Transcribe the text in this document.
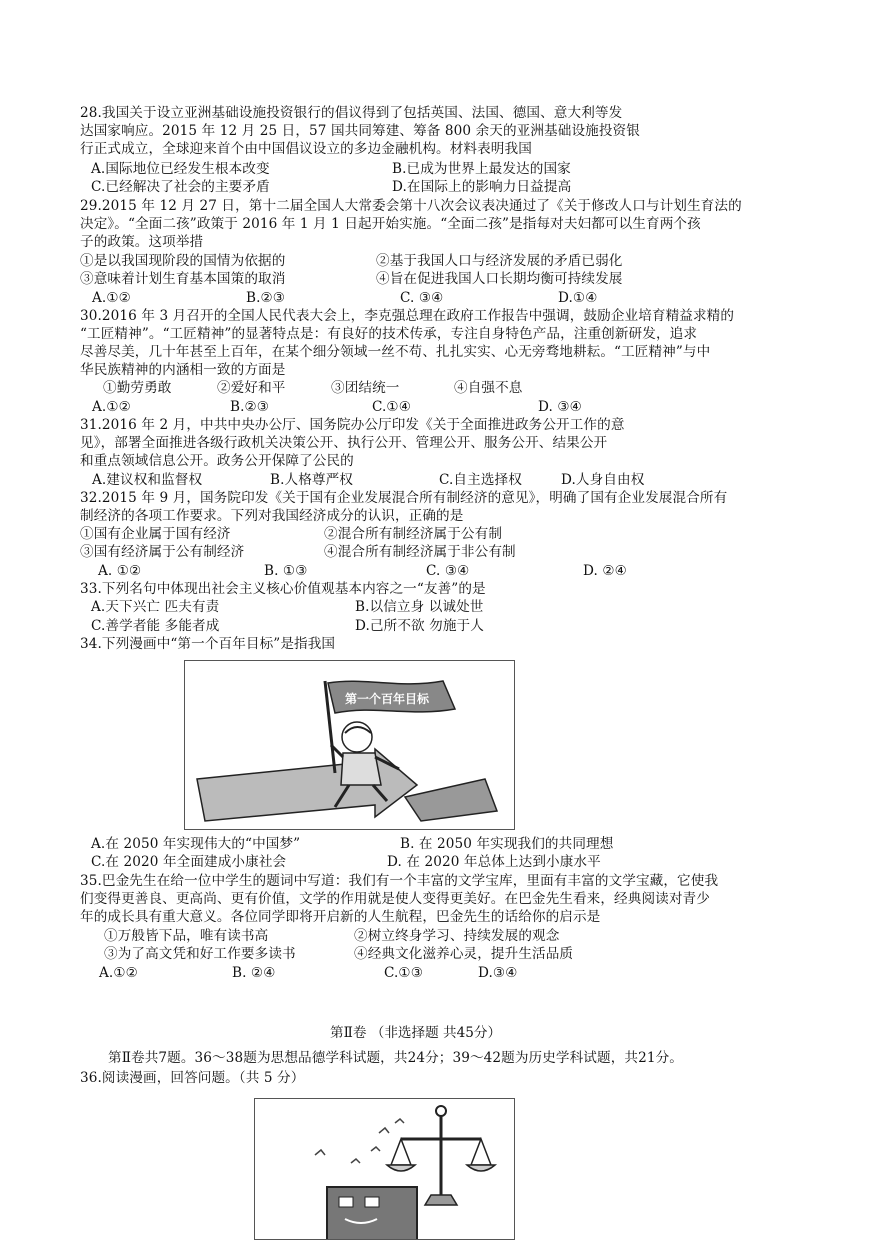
28.我国关于设立亚洲基础设施投资银行的倡议得到了包括英国、法国、德国、意大利等发
达国家响应。2015 年 12 月 25 日，57 国共同筹建、筹备 800 余天的亚洲基础设施投资银
行正式成立，全球迎来首个由中国倡议设立的多边金融机构。材料表明我国
A.国际地位已经发生根本改变	B.已成为世界上最发达的国家
C.已经解决了社会的主要矛盾	D.在国际上的影响力日益提高
29.2015 年 12 月 27 日，第十二届全国人大常委会第十八次会议表决通过了《关于修改人口与计划生育法的
决定》。“全面二孩”政策于 2016 年 1 月 1 日起开始实施。“全面二孩”是指每对夫妇都可以生育两个孩
子的政策。这项举措
①是以我国现阶段的国情为依据的	②基于我国人口与经济发展的矛盾已弱化
③意味着计划生育基本国策的取消	④旨在促进我国人口长期均衡可持续发展
A.①②	B.②③	C. ③④	D.①④
30.2016 年 3 月召开的全国人民代表大会上，李克强总理在政府工作报告中强调，鼓励企业培育精益求精的
“工匠精神”。“工匠精神”的显著特点是：有良好的技术传承，专注自身特色产品，注重创新研发，追求
尽善尽美，几十年甚至上百年，在某个细分领域一丝不苟、扎扎实实、心无旁骛地耕耘。“工匠精神”与中
华民族精神的内涵相一致的方面是
①勤劳勇敢	②爱好和平	③团结统一	④自强不息
A.①②	B.②③	C.①④	D. ③④
31.2016 年 2 月，中共中央办公厅、国务院办公厅印发《关于全面推进政务公开工作的意
见》，部署全面推进各级行政机关决策公开、执行公开、管理公开、服务公开、结果公开
和重点领域信息公开。政务公开保障了公民的
A.建议权和监督权	B.人格尊严权	C.自主选择权	D.人身自由权
32.2015 年 9 月，国务院印发《关于国有企业发展混合所有制经济的意见》，明确了国有企业发展混合所有
制经济的各项工作要求。下列对我国经济成分的认识，正确的是
①国有企业属于国有经济	②混合所有制经济属于公有制
③国有经济属于公有制经济	④混合所有制经济属于非公有制
A. ①②	B. ①③	C. ③④	D. ②④
33.下列名句中体现出社会主义核心价值观基本内容之一“友善”的是
A.天下兴亡 匹夫有责	B.以信立身 以诚处世
C.善学者能 多能者成	D.己所不欲 勿施于人
34.下列漫画中“第一个百年目标”是指我国
第一个百年目标
A.在 2050 年实现伟大的“中国梦”	B. 在 2050 年实现我们的共同理想
C.在 2020 年全面建成小康社会	D. 在 2020 年总体上达到小康水平
35.巴金先生在给一位中学生的题词中写道：我们有一个丰富的文学宝库，里面有丰富的文学宝藏，它使我
们变得更善良、更高尚、更有价值，文学的作用就是使人变得更美好。在巴金先生看来，经典阅读对青少
年的成长具有重大意义。各位同学即将开启新的人生航程，巴金先生的话给你的启示是
①万般皆下品，唯有读书高	②树立终身学习、持续发展的观念
③为了高文凭和好工作要多读书	④经典文化滋养心灵，提升生活品质
A.①②	B. ②④	C.①③	D.③④
第Ⅱ卷 （非选择题 共45分）
第Ⅱ卷共7题。36～38题为思想品德学科试题，共24分；39～42题为历史学科试题，共21分。
36.阅读漫画，回答问题。（共 5 分）
